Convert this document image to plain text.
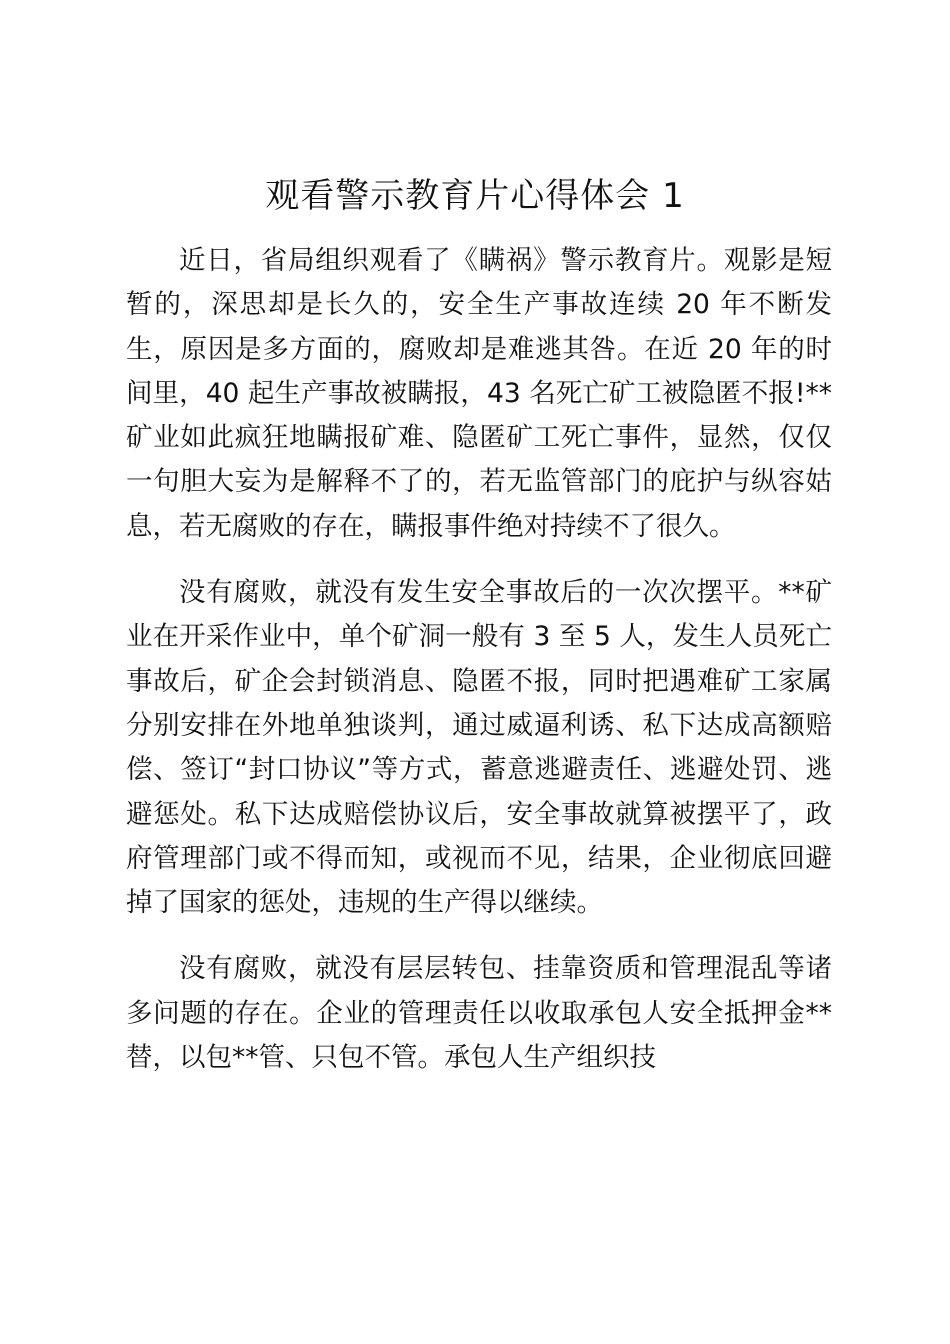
观看警示教育片心得体会 1

近日，省局组织观看了《瞒祸》警示教育片。观影是短暂的，深思却是长久的，安全生产事故连续 20 年不断发生，原因是多方面的，腐败却是难逃其咎。在近 20 年的时间里，40 起生产事故被瞒报，43 名死亡矿工被隐匿不报!**矿业如此疯狂地瞒报矿难、隐匿矿工死亡事件，显然，仅仅一句胆大妄为是解释不了的，若无监管部门的庇护与纵容姑息，若无腐败的存在，瞒报事件绝对持续不了很久。

没有腐败，就没有发生安全事故后的一次次摆平。**矿业在开采作业中，单个矿洞一般有 3 至 5 人，发生人员死亡事故后，矿企会封锁消息、隐匿不报，同时把遇难矿工家属分别安排在外地单独谈判，通过威逼利诱、私下达成高额赔偿、签订“封口协议”等方式，蓄意逃避责任、逃避处罚、逃避惩处。私下达成赔偿协议后，安全事故就算被摆平了，政府管理部门或不得而知，或视而不见，结果，企业彻底回避掉了国家的惩处，违规的生产得以继续。

没有腐败，就没有层层转包、挂靠资质和管理混乱等诸多问题的存在。企业的管理责任以收取承包人安全抵押金**替，以包**管、只包不管。承包人生产组织技
